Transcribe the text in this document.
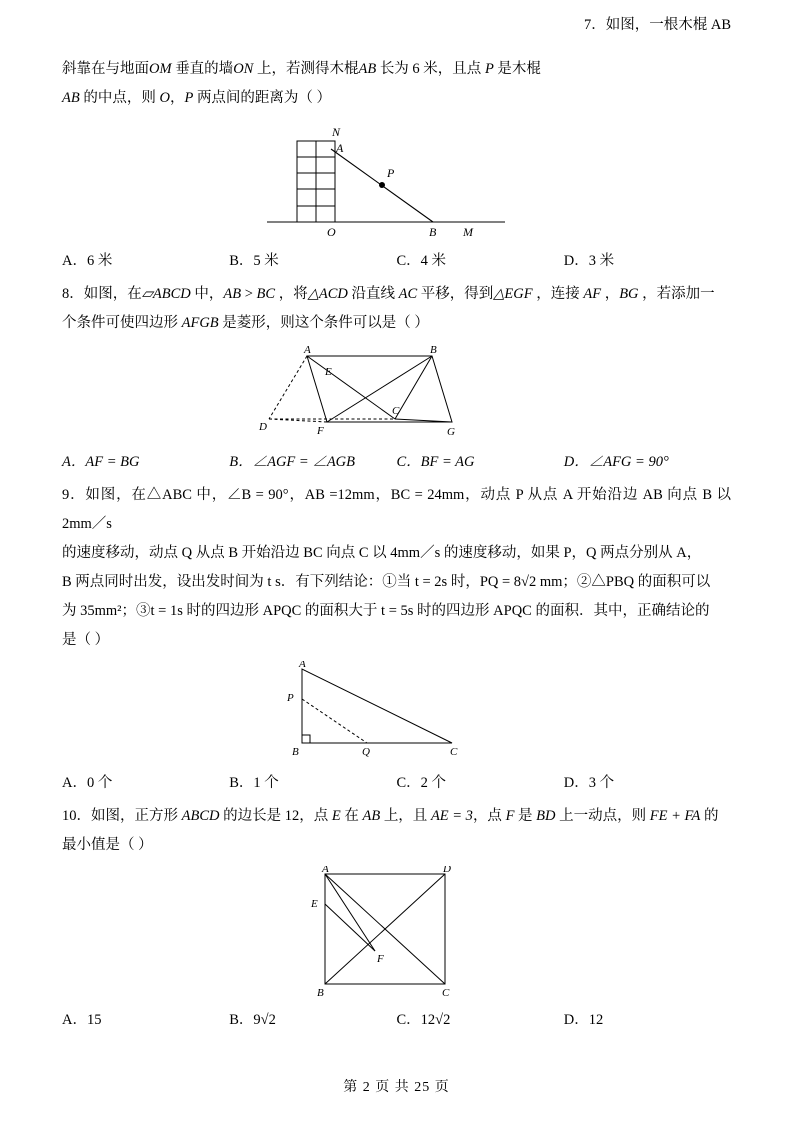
7．如图，一根木棍 AB

斜靠在与地面OM 垂直的墙ON 上，若测得木棍AB 长为 6 米，且点 P 是木棍

AB 的中点，则 O，P 两点间的距离为（ ）

N
A
P
O	B M
A．6 米	B．5 米	C．4 米	D．3 米

8．如图，在▱ABCD 中，AB > BC ，将△ACD 沿直线 AC 平移，得到△EGF ，连接 AF ，BG ，若添加一

个条件可使四边形 AFGB 是菱形，则这个条件可以是（ ）

A	B
E
D	F
C
G
A．AF = BG	B．∠AGF = ∠AGB	C．BF = AG	D．∠AFG = 90°

9．如图，在△ABC 中，∠B = 90°，AB =12mm，BC = 24mm，动点 P 从点 A 开始沿边 AB 向点 B 以 2mm／s

的速度移动，动点 Q 从点 B 开始沿边 BC 向点 C 以 4mm／s 的速度移动，如果 P，Q 两点分别从 A，

B 两点同时出发，设出发时间为 t s．有下列结论：①当 t = 2s 时，PQ = 8√2 mm；②△PBQ 的面积可以

为 35mm²；③t = 1s 时的四边形 APQC 的面积大于 t = 5s 时的四边形 APQC 的面积．其中，正确结论的

是（ ）

A
P
B	Q	C
A．0 个	B．1 个	C．2 个	D．3 个

10．如图，正方形 ABCD 的边长是 12，点 E 在 AB 上，且 AE = 3，点 F 是 BD 上一动点，则 FE + FA 的

最小值是（ ）

A	D
E
F
B	C
A．15	B．9√2	C．12√2	D．12
第 2 页 共 25 页
